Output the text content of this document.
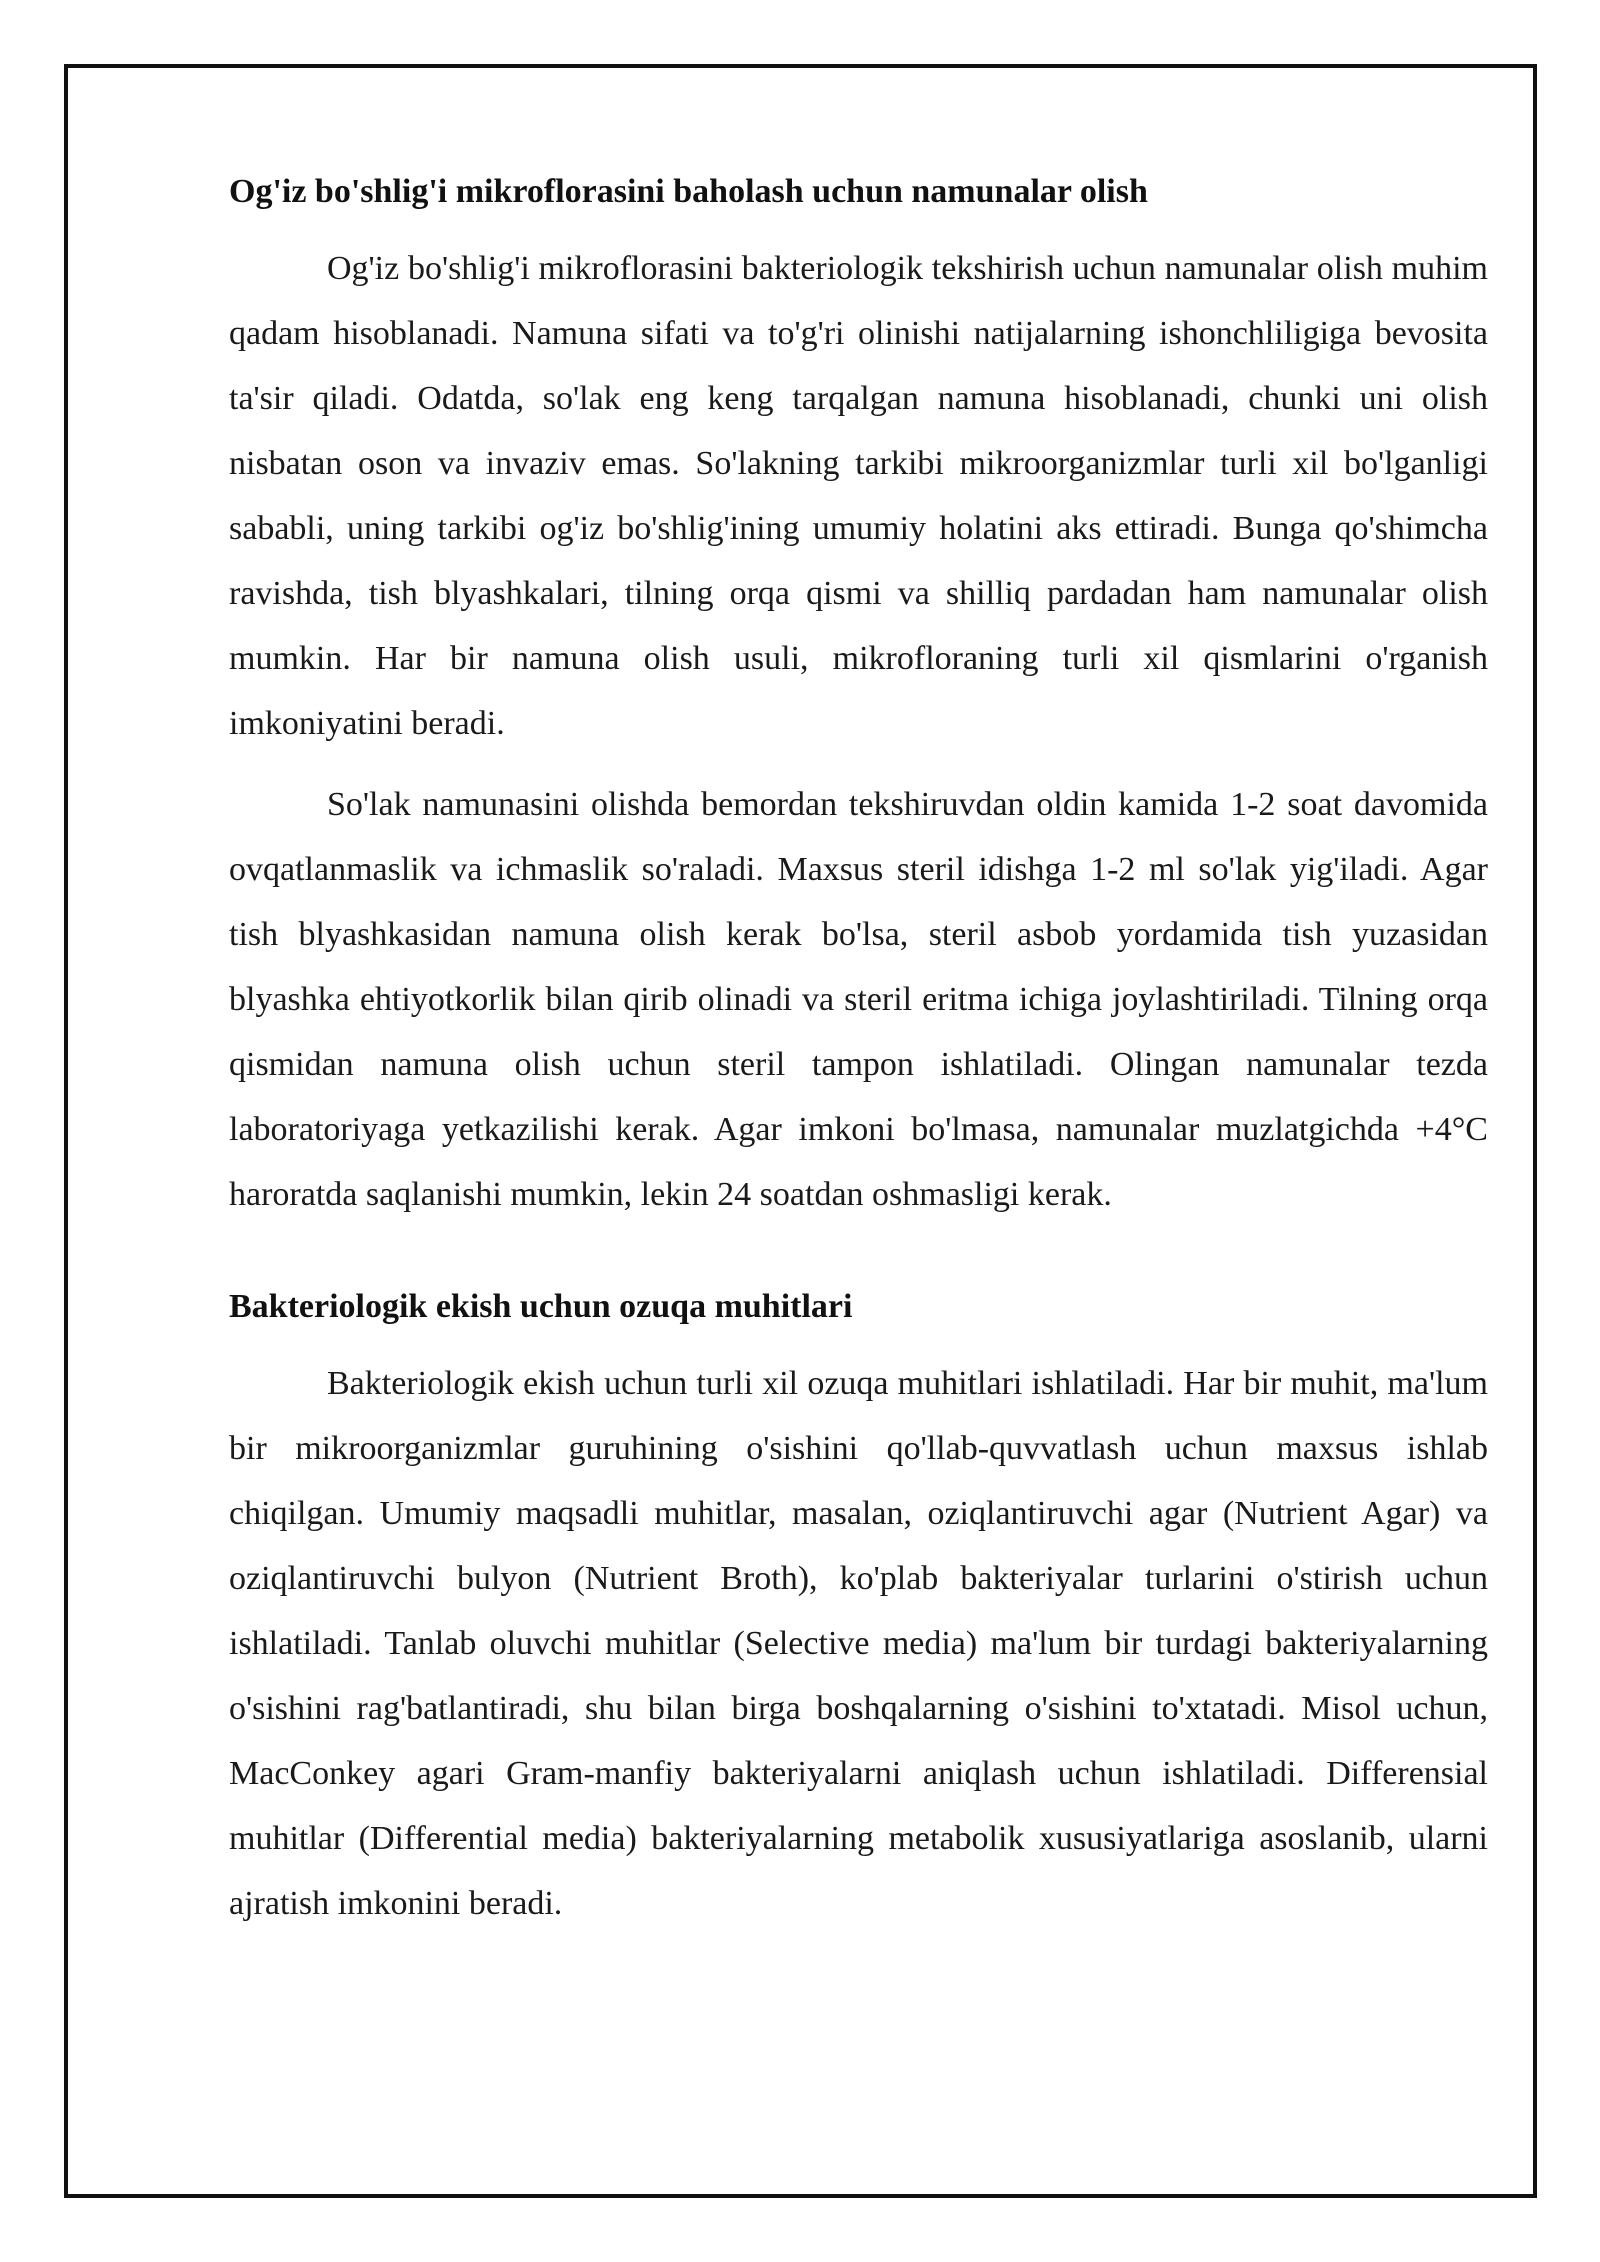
Og'iz bo'shlig'i mikroflorasini baholash uchun namunalar olish

Og'iz bo'shlig'i mikroflorasini bakteriologik tekshirish uchun namunalar olish muhim qadam hisoblanadi. Namuna sifati va to'g'ri olinishi natijalarning ishonchliligiga bevosita ta'sir qiladi. Odatda, so'lak eng keng tarqalgan namuna hisoblanadi, chunki uni olish nisbatan oson va invaziv emas. So'lakning tarkibi mikroorganizmlar turli xil bo'lganligi sababli, uning tarkibi og'iz bo'shlig'ining umumiy holatini aks ettiradi. Bunga qo'shimcha ravishda, tish blyashkalari, tilning orqa qismi va shilliq pardadan ham namunalar olish mumkin. Har bir namuna olish usuli, mikrofloraning turli xil qismlarini o'rganish imkoniyatini beradi.

So'lak namunasini olishda bemordan tekshiruvdan oldin kamida 1-2 soat davomida ovqatlanmaslik va ichmaslik so'raladi. Maxsus steril idishga 1-2 ml so'lak yig'iladi. Agar tish blyashkasidan namuna olish kerak bo'lsa, steril asbob yordamida tish yuzasidan blyashka ehtiyotkorlik bilan qirib olinadi va steril eritma ichiga joylashtiriladi. Tilning orqa qismidan namuna olish uchun steril tampon ishlatiladi. Olingan namunalar tezda laboratoriyaga yetkazilishi kerak. Agar imkoni bo'lmasa, namunalar muzlatgichda +4°C haroratda saqlanishi mumkin, lekin 24 soatdan oshmasligi kerak.

Bakteriologik ekish uchun ozuqa muhitlari

Bakteriologik ekish uchun turli xil ozuqa muhitlari ishlatiladi. Har bir muhit, ma'lum bir mikroorganizmlar guruhining o'sishini qo'llab-quvvatlash uchun maxsus ishlab chiqilgan. Umumiy maqsadli muhitlar, masalan, oziqlantiruvchi agar (Nutrient Agar) va oziqlantiruvchi bulyon (Nutrient Broth), ko'plab bakteriyalar turlarini o'stirish uchun ishlatiladi. Tanlab oluvchi muhitlar (Selective media) ma'lum bir turdagi bakteriyalarning o'sishini rag'batlantiradi, shu bilan birga boshqalarning o'sishini to'xtatadi. Misol uchun, MacConkey agari Gram-manfiy bakteriyalarni aniqlash uchun ishlatiladi. Differensial muhitlar (Differential media) bakteriyalarning metabolik xususiyatlariga asoslanib, ularni ajratish imkonini beradi.
